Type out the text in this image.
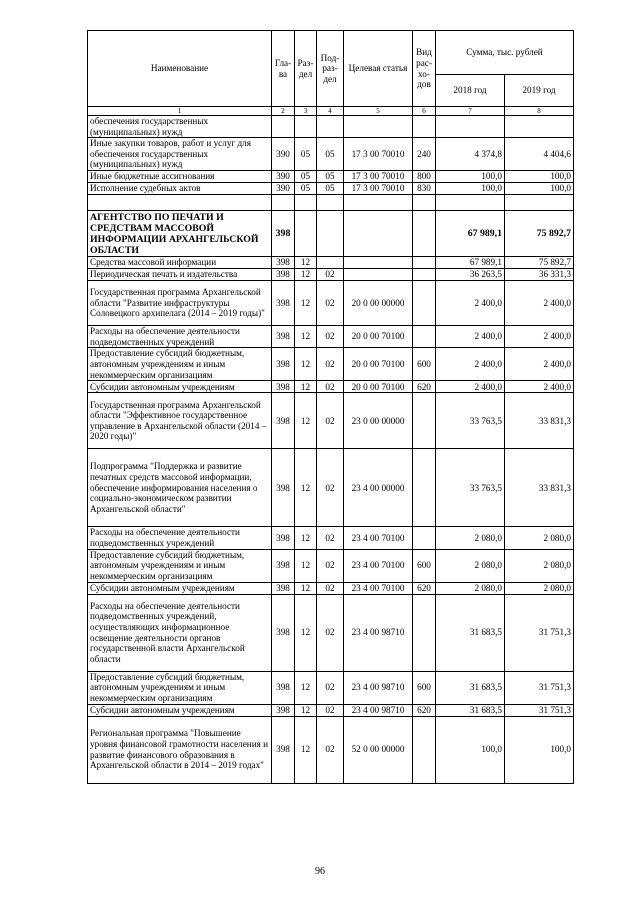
Наименование	Гла-ва	Раз-дел	Под-раз-дел	Целевая статья	Вид рас-хо-дов	Сумма, тыс. рублей	
						2018 год	2019 год
1	2	3	4	5	6	7	8
обеспечения государственных (муниципальных) нужд							
Иные закупки товаров, работ и услуг для обеспечения государственных (муниципальных) нужд	390	05	05	17 3 00 70010	240	4 374,8	4 404,6
Иные бюджетные ассигнования	390	05	05	17 3 00 70010	800	100,0	100,0
Исполнение судебных актов	390	05	05	17 3 00 70010	830	100,0	100,0

АГЕНТСТВО ПО ПЕЧАТИ И СРЕДСТВАМ МАССОВОЙ ИНФОРМАЦИИ АРХАНГЕЛЬСКОЙ ОБЛАСТИ	398					67 989,1	75 892,7
Средства массовой информации	398	12				67 989,1	75 892,7
Периодическая печать и издательства	398	12	02			36 263,5	36 331,3
Государственная программа Архангельской области "Развитие инфраструктуры Соловецкого архипелага (2014 – 2019 годы)"	398	12	02	20 0 00 00000		2 400,0	2 400,0
Расходы на обеспечение деятельности подведомственных учреждений	398	12	02	20 0 00 70100		2 400,0	2 400,0
Предоставление субсидий бюджетным, автономным учреждениям и иным некоммерческим организациям	398	12	02	20 0 00 70100	600	2 400,0	2 400,0
Субсидии автономным учреждениям	398	12	02	20 0 00 70100	620	2 400,0	2 400,0
Государственная программа Архангельской области "Эффективное государственное управление в Архангельской области (2014 – 2020 годы)"	398	12	02	23 0 00 00000		33 763,5	33 831,3
Подпрограмма "Поддержка и развитие печатных средств массовой информации, обеспечение информирования населения о социально-экономическом развитии Архангельской области"	398	12	02	23 4 00 00000		33 763,5	33 831,3
Расходы на обеспечение деятельности подведомственных учреждений	398	12	02	23 4 00 70100		2 080,0	2 080,0
Предоставление субсидий бюджетным, автономным учреждениям и иным некоммерческим организациям	398	12	02	23 4 00 70100	600	2 080,0	2 080,0
Субсидии автономным учреждениям	398	12	02	23 4 00 70100	620	2 080,0	2 080,0
Расходы на обеспечение деятельности подведомственных учреждений, осуществляющих информационное освещение деятельности органов государственной власти Архангельской области	398	12	02	23 4 00 98710		31 683,5	31 751,3
Предоставление субсидий бюджетным, автономным учреждениям и иным некоммерческим организациям	398	12	02	23 4 00 98710	600	31 683,5	31 751,3
Субсидии автономным учреждениям	398	12	02	23 4 00 98710	620	31 683,5	31 751,3
Региональная программа "Повышение уровня финансовой грамотности населения и развитие финансового образования в Архангельской области в 2014 – 2019 годах"	398	12	02	52 0 00 00000		100,0	100,0
96
